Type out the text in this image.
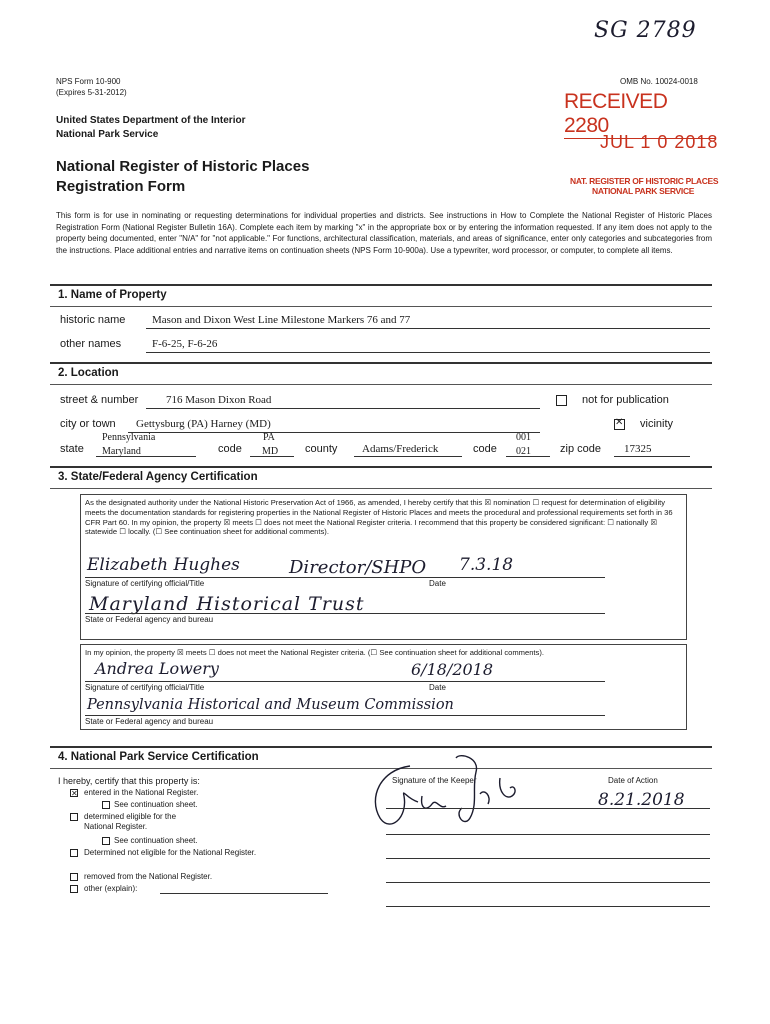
SG 2789
NPS Form 10-900
(Expires 5-31-2012)
OMB No. 10024-0018
United States Department of the Interior
National Park Service
National Register of Historic Places
Registration Form
RECEIVED 2280
JUL 1 0 2018
NAT. REGISTER OF HISTORIC PLACES
NATIONAL PARK SERVICE
This form is for use in nominating or requesting determinations for individual properties and districts. See instructions in How to Complete the National Register of Historic Places Registration Form (National Register Bulletin 16A). Complete each item by marking "x" in the appropriate box or by entering the information requested. If any item does not apply to the property being documented, enter "N/A" for "not applicable." For functions, architectural classification, materials, and areas of significance, enter only categories and subcategories from the instructions. Place additional entries and narrative items on continuation sheets (NPS Form 10-900a). Use a typewriter, word processor, or computer, to complete all items.
1. Name of Property
historic name Mason and Dixon West Line Milestone Markers 76 and 77
other names	F-6-25, F-6-26
2. Location
street & number	716 Mason Dixon Road	not for publication
city or town Gettysburg (PA) Harney (MD)
✕	vicinity
state
Pennsylvania
Maryland	code
PA
MD county Adams/Frederick	code
001
021	zip code 17325
3. State/Federal Agency Certification
As the designated authority under the National Historic Preservation Act of 1966, as amended, I hereby certify that this ☒ nomination ☐ request for determination of eligibility meets the documentation standards for registering properties in the National Register of Historic Places and meets the procedural and professional requirements set forth in 36 CFR Part 60. In my opinion, the property ☒ meets ☐ does not meet the National Register criteria. I recommend that this property be considered significant: ☐ nationally ☒ statewide ☐ locally. (☐ See continuation sheet for additional comments).
Elizabeth Hughes	Director/SHPO 7.3.18
Signature of certifying official/Title	Date
Maryland Historical Trust
State or Federal agency and bureau
In my opinion, the property ☒ meets ☐ does not meet the National Register criteria. (☐ See continuation sheet for additional comments).
Andrea Lowery	6/18/2018
Signature of certifying official/Title	Date
Pennsylvania Historical and Museum Commission
State or Federal agency and bureau
4. National Park Service Certification
I hereby, certify that this property is:
✕
entered in the National Register.
See continuation sheet.
determined eligible for the National Register.
See continuation sheet.
Determined not eligible for the National Register.
removed from the National Register.
other (explain):
Signature of the Keeper	Date of Action
8.21.2018
